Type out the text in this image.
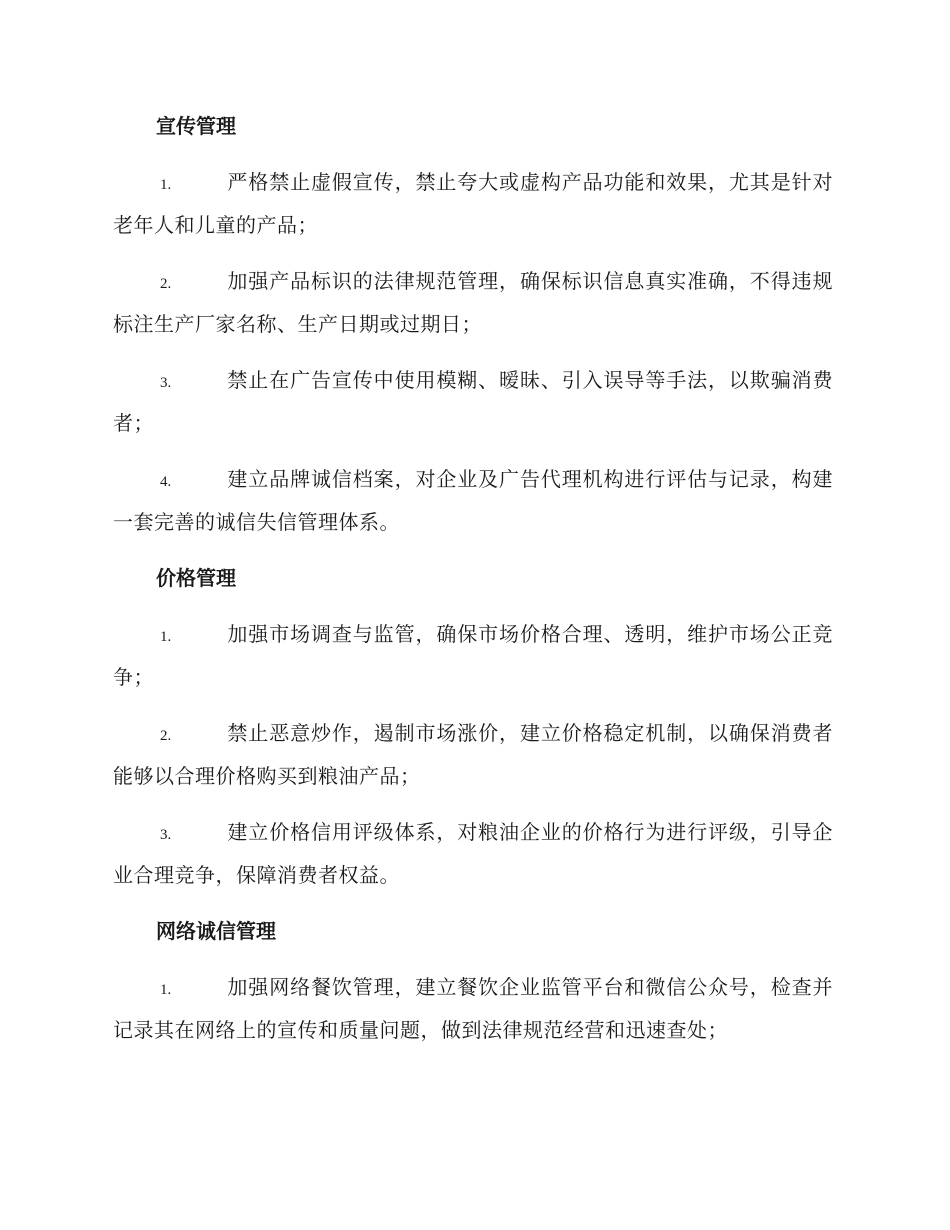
宣传管理

1.	严格禁止虚假宣传，禁止夸大或虚构产品功能和效果，尤其是针对老年人和儿童的产品；

2.	加强产品标识的法律规范管理，确保标识信息真实准确，不得违规标注生产厂家名称、生产日期或过期日；

3.	禁止在广告宣传中使用模糊、暧昧、引入误导等手法，以欺骗消费者；

4.	建立品牌诚信档案，对企业及广告代理机构进行评估与记录，构建一套完善的诚信失信管理体系。

价格管理

1.	加强市场调查与监管，确保市场价格合理、透明，维护市场公正竞争；

2.	禁止恶意炒作，遏制市场涨价，建立价格稳定机制，以确保消费者能够以合理价格购买到粮油产品；

3.	建立价格信用评级体系，对粮油企业的价格行为进行评级，引导企业合理竞争，保障消费者权益。

网络诚信管理

1.	加强网络餐饮管理，建立餐饮企业监管平台和微信公众号，检查并记录其在网络上的宣传和质量问题，做到法律规范经营和迅速查处；
